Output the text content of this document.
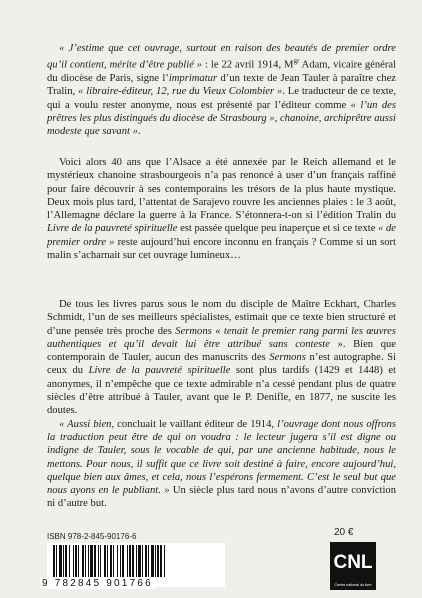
« J’estime que cet ouvrage, surtout en raison des beautés de premier ordre qu’il contient, mérite d’être publié » : le 22 avril 1914, $M^{gr}$ Adam, vicaire général du diocèse de Paris, signe l’imprimatur d’un texte de Jean Tauler à paraître chez Tralin, « libraire-éditeur, 12, rue du Vieux Colombier ». Le traducteur de ce texte, qui a voulu rester anonyme, nous est présenté par l’éditeur comme « l’un des prêtres les plus distingués du diocèse de Strasbourg », chanoine, archiprêtre aussi modeste que savant ».

Voici alors 40 ans que l’Alsace a été annexée par le Reich allemand et le mystérieux chanoine strasbourgeois n’a pas renoncé à user d’un français raffiné pour faire découvrir à ses contemporains les trésors de la plus haute mystique. Deux mois plus tard, l’attentat de Sarajevo rouvre les anciennes plaies : le 3 août, l’Allemagne déclare la guerre à la France. S’étonnera-t-on si l’édition Tralin du Livre de la pauvreté spirituelle est passée quelque peu inaperçue et si ce texte « de premier ordre » reste aujourd’hui encore inconnu en français ? Comme si un sort malin s’acharnait sur cet ouvrage lumineux…

De tous les livres parus sous le nom du disciple de Maître Eckhart, Charles Schmidt, l’un de ses meilleurs spécialistes, estimait que ce texte bien structuré et d’une pensée très proche des Sermons « tenait le premier rang parmi les œuvres authentiques et qu’il devait lui être attribué sans conteste ». Bien que contemporain de Tauler, aucun des manuscrits des Sermons n’est autographe. Si ceux du Livre de la pauvreté spirituelle sont plus tardifs (1429 et 1448) et anonymes, il n’empêche que ce texte admirable n’a cessé pendant plus de quatre siècles d’être attribué à Tauler, avant que le P. Denifle, en 1877, ne suscite les doutes.

« Aussi bien, concluait le vaillant éditeur de 1914, l’ouvrage dont nous offrons la traduction peut être de qui on voudra : le lecteur jugera s’il est digne ou indigne de Tauler, sous le vocable de qui, par une ancienne habitude, nous le mettons. Pour nous, il suffit que ce livre soit destiné à faire, encore aujourd’hui, quelque bien aux âmes, et cela, nous l’espérons fermement. C’est le seul but que nous ayons en le publiant. » Un siècle plus tard nous n’avons d’autre conviction ni d’autre but.

ISBN 978-2-845-90176-6	20 €
9 782845 901766
CNL
Centre national du livre
